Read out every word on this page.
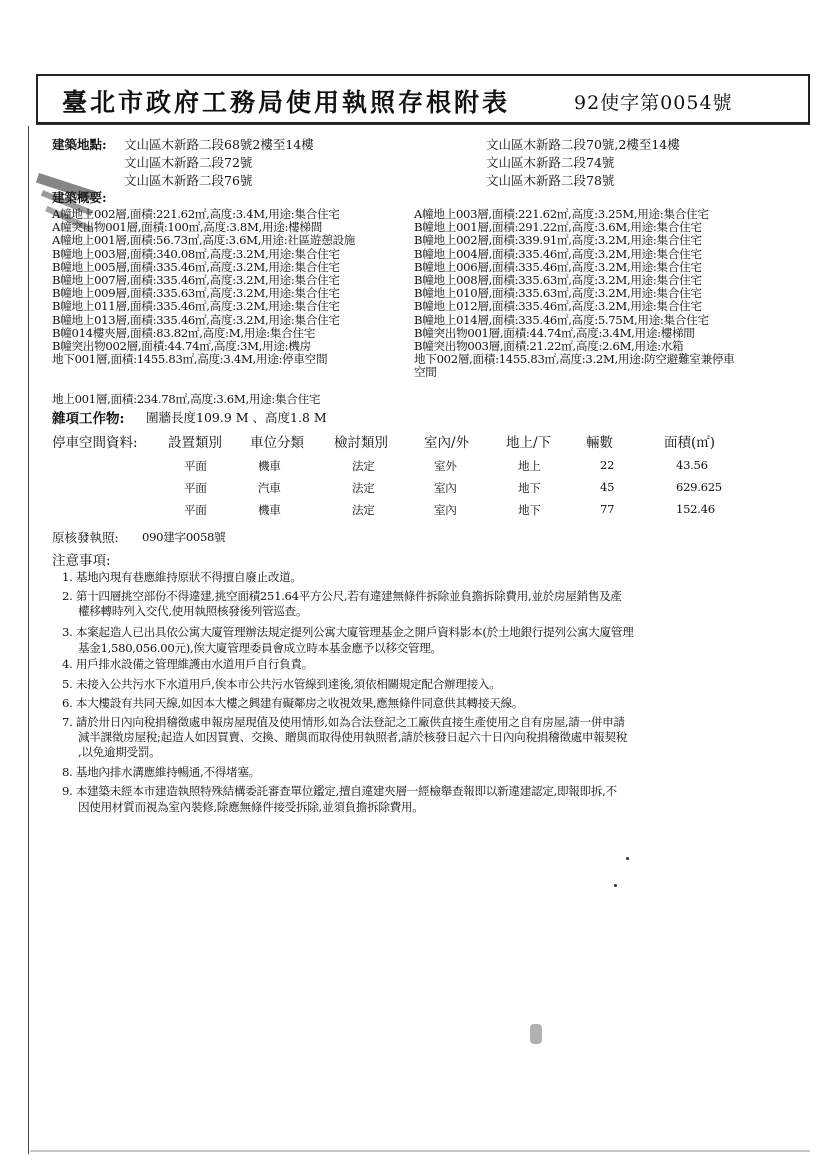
臺北市政府工務局使用執照存根附表	92使字第0054號
建築地點: 文山區木新路二段68號2樓至14樓
文山區木新路二段72號
文山區木新路二段76號
文山區木新路二段70號,2樓至14樓
文山區木新路二段74號
文山區木新路二段78號
建築概要:
地上001層,面積:234.78㎡,高度:3.6M,用途:集合住宅
雜項工作物: 圍牆長度109.9 M 、高度1.8 M
停車空間資料: 設置類別 車位分類 檢討類別	室內/外	地上/下	輛數	面積(㎡)
原核發執照: 090建字0058號
注意事項:
A幢地上002層,面積:221.62㎡,高度:3.4M,用途:集合住宅
A幢突出物001層,面積:100㎡,高度:3.8M,用途:樓梯間
A幢地上001層,面積:56.73㎡,高度:3.6M,用途:社區遊憩設施
B幢地上003層,面積:340.08㎡,高度:3.2M,用途:集合住宅
B幢地上005層,面積:335.46㎡,高度:3.2M,用途:集合住宅
B幢地上007層,面積:335.46㎡,高度:3.2M,用途:集合住宅
B幢地上009層,面積:335.63㎡,高度:3.2M,用途:集合住宅
B幢地上011層,面積:335.46㎡,高度:3.2M,用途:集合住宅
B幢地上013層,面積:335.46㎡,高度:3.2M,用途:集合住宅
B幢014樓夾層,面積:83.82㎡,高度:M,用途:集合住宅
B幢突出物002層,面積:44.74㎡,高度:3M,用途:機房
地下001層,面積:1455.83㎡,高度:3.4M,用途:停車空間
A幢地上003層,面積:221.62㎡,高度:3.25M,用途:集合住宅
B幢地上001層,面積:291.22㎡,高度:3.6M,用途:集合住宅
B幢地上002層,面積:339.91㎡,高度:3.2M,用途:集合住宅
B幢地上004層,面積:335.46㎡,高度:3.2M,用途:集合住宅
B幢地上006層,面積:335.46㎡,高度:3.2M,用途:集合住宅
B幢地上008層,面積:335.63㎡,高度:3.2M,用途:集合住宅
B幢地上010層,面積:335.63㎡,高度:3.2M,用途:集合住宅
B幢地上012層,面積:335.46㎡,高度:3.2M,用途:集合住宅
B幢地上014層,面積:335.46㎡,高度:5.75M,用途:集合住宅
B幢突出物001層,面積:44.74㎡,高度:3.4M,用途:樓梯間
B幢突出物003層,面積:21.22㎡,高度:2.6M,用途:水箱
地下002層,面積:1455.83㎡,高度:3.2M,用途:防空避難室兼停車
空間
平面	機車	法定	室外	地上	22	43.56
平面	汽車	法定	室內	地下	45	629.625
平面	機車	法定	室內	地下	77	152.46
1. 基地內現有巷應維持原狀不得擅自廢止改道。
2. 第十四層挑空部份不得違建,挑空面積251.64平方公尺,若有違建無條件拆除並負擔拆除費用,並於房屋銷售及產
權移轉時列入交代,使用執照核發後列管巡查。
3. 本案起造人已出具依公寓大廈管理辦法規定提列公寓大廈管理基金之開戶資料影本(於土地銀行提列公寓大廈管理
基金1,580,056.00元),俟大廈管理委員會成立時本基金應予以移交管理。
4. 用戶排水設備之管理維護由水道用戶自行負責。
5. 未接入公共污水下水道用戶,俟本市公共污水管線到達後,須依相關規定配合辦理接入。
6. 本大樓設有共同天線,如因本大樓之興建有礙鄰房之收視效果,應無條件同意供其轉接天線。
7. 請於卅日內向稅捐稽徵處申報房屋現值及使用情形,如為合法登記之工廠供直接生產使用之自有房屋,請一併申請
減半課徵房屋稅;起造人如因買賣、交換、贈與而取得使用執照者,請於核發日起六十日內向稅捐稽徵處申報契稅
,以免逾期受罰。
8. 基地內排水溝應維持暢通,不得堵塞。
9. 本建築未經本市建造執照特殊結構委託審查單位鑑定,擅自違建夾層一經檢舉查報即以新違建認定,即報即拆,不
因使用材質而視為室內裝修,除應無條件接受拆除,並須負擔拆除費用。
